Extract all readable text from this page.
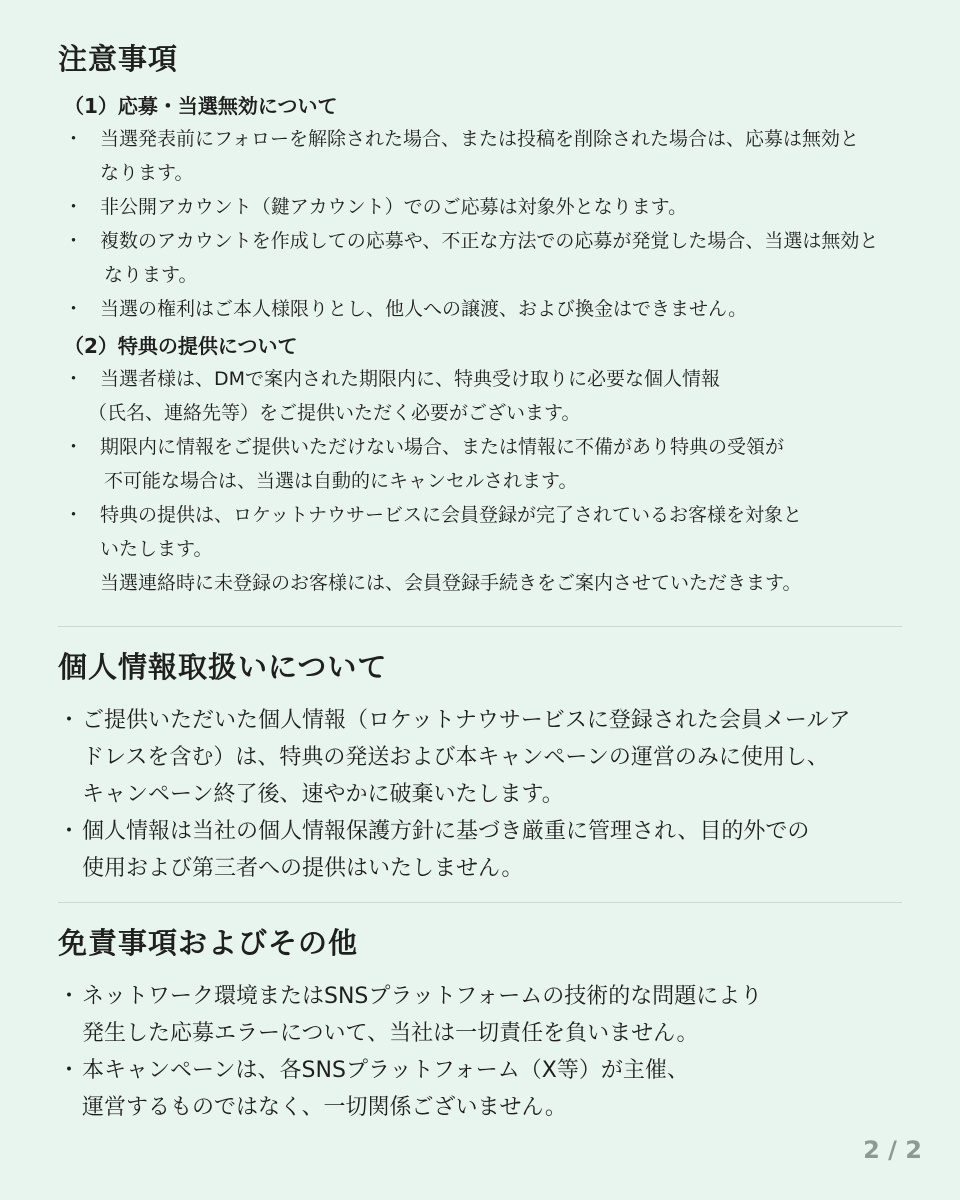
注意事項

（1）応募・当選無効について

・ 当選発表前にフォローを解除された場合、または投稿を削除された場合は、応募は無効と
なります。
・ 非公開アカウント（鍵アカウント）でのご応募は対象外となります。
・ 複数のアカウントを作成しての応募や、不正な方法での応募が発覚した場合、当選は無効と
なります。
・ 当選の権利はご本人様限りとし、他人への譲渡、および換金はできません。

（2）特典の提供について

・ 当選者様は、DMで案内された期限内に、特典受け取りに必要な個人情報
（氏名、連絡先等）をご提供いただく必要がございます。
・ 期限内に情報をご提供いただけない場合、または情報に不備があり特典の受領が
不可能な場合は、当選は自動的にキャンセルされます。
・ 特典の提供は、ロケットナウサービスに会員登録が完了されているお客様を対象と
いたします。
当選連絡時に未登録のお客様には、会員登録手続きをご案内させていただきます。
個人情報取扱いについて
・ ご提供いただいた個人情報（ロケットナウサービスに登録された会員メールア
ドレスを含む）は、特典の発送および本キャンペーンの運営のみに使用し、
キャンペーン終了後、速やかに破棄いたします。
・ 個人情報は当社の個人情報保護方針に基づき厳重に管理され、目的外での
使用および第三者への提供はいたしません。
免責事項およびその他
・ ネットワーク環境またはSNSプラットフォームの技術的な問題により
発生した応募エラーについて、当社は一切責任を負いません。
・ 本キャンペーンは、各SNSプラットフォーム（X等）が主催、
運営するものではなく、一切関係ございません。
2 / 2
